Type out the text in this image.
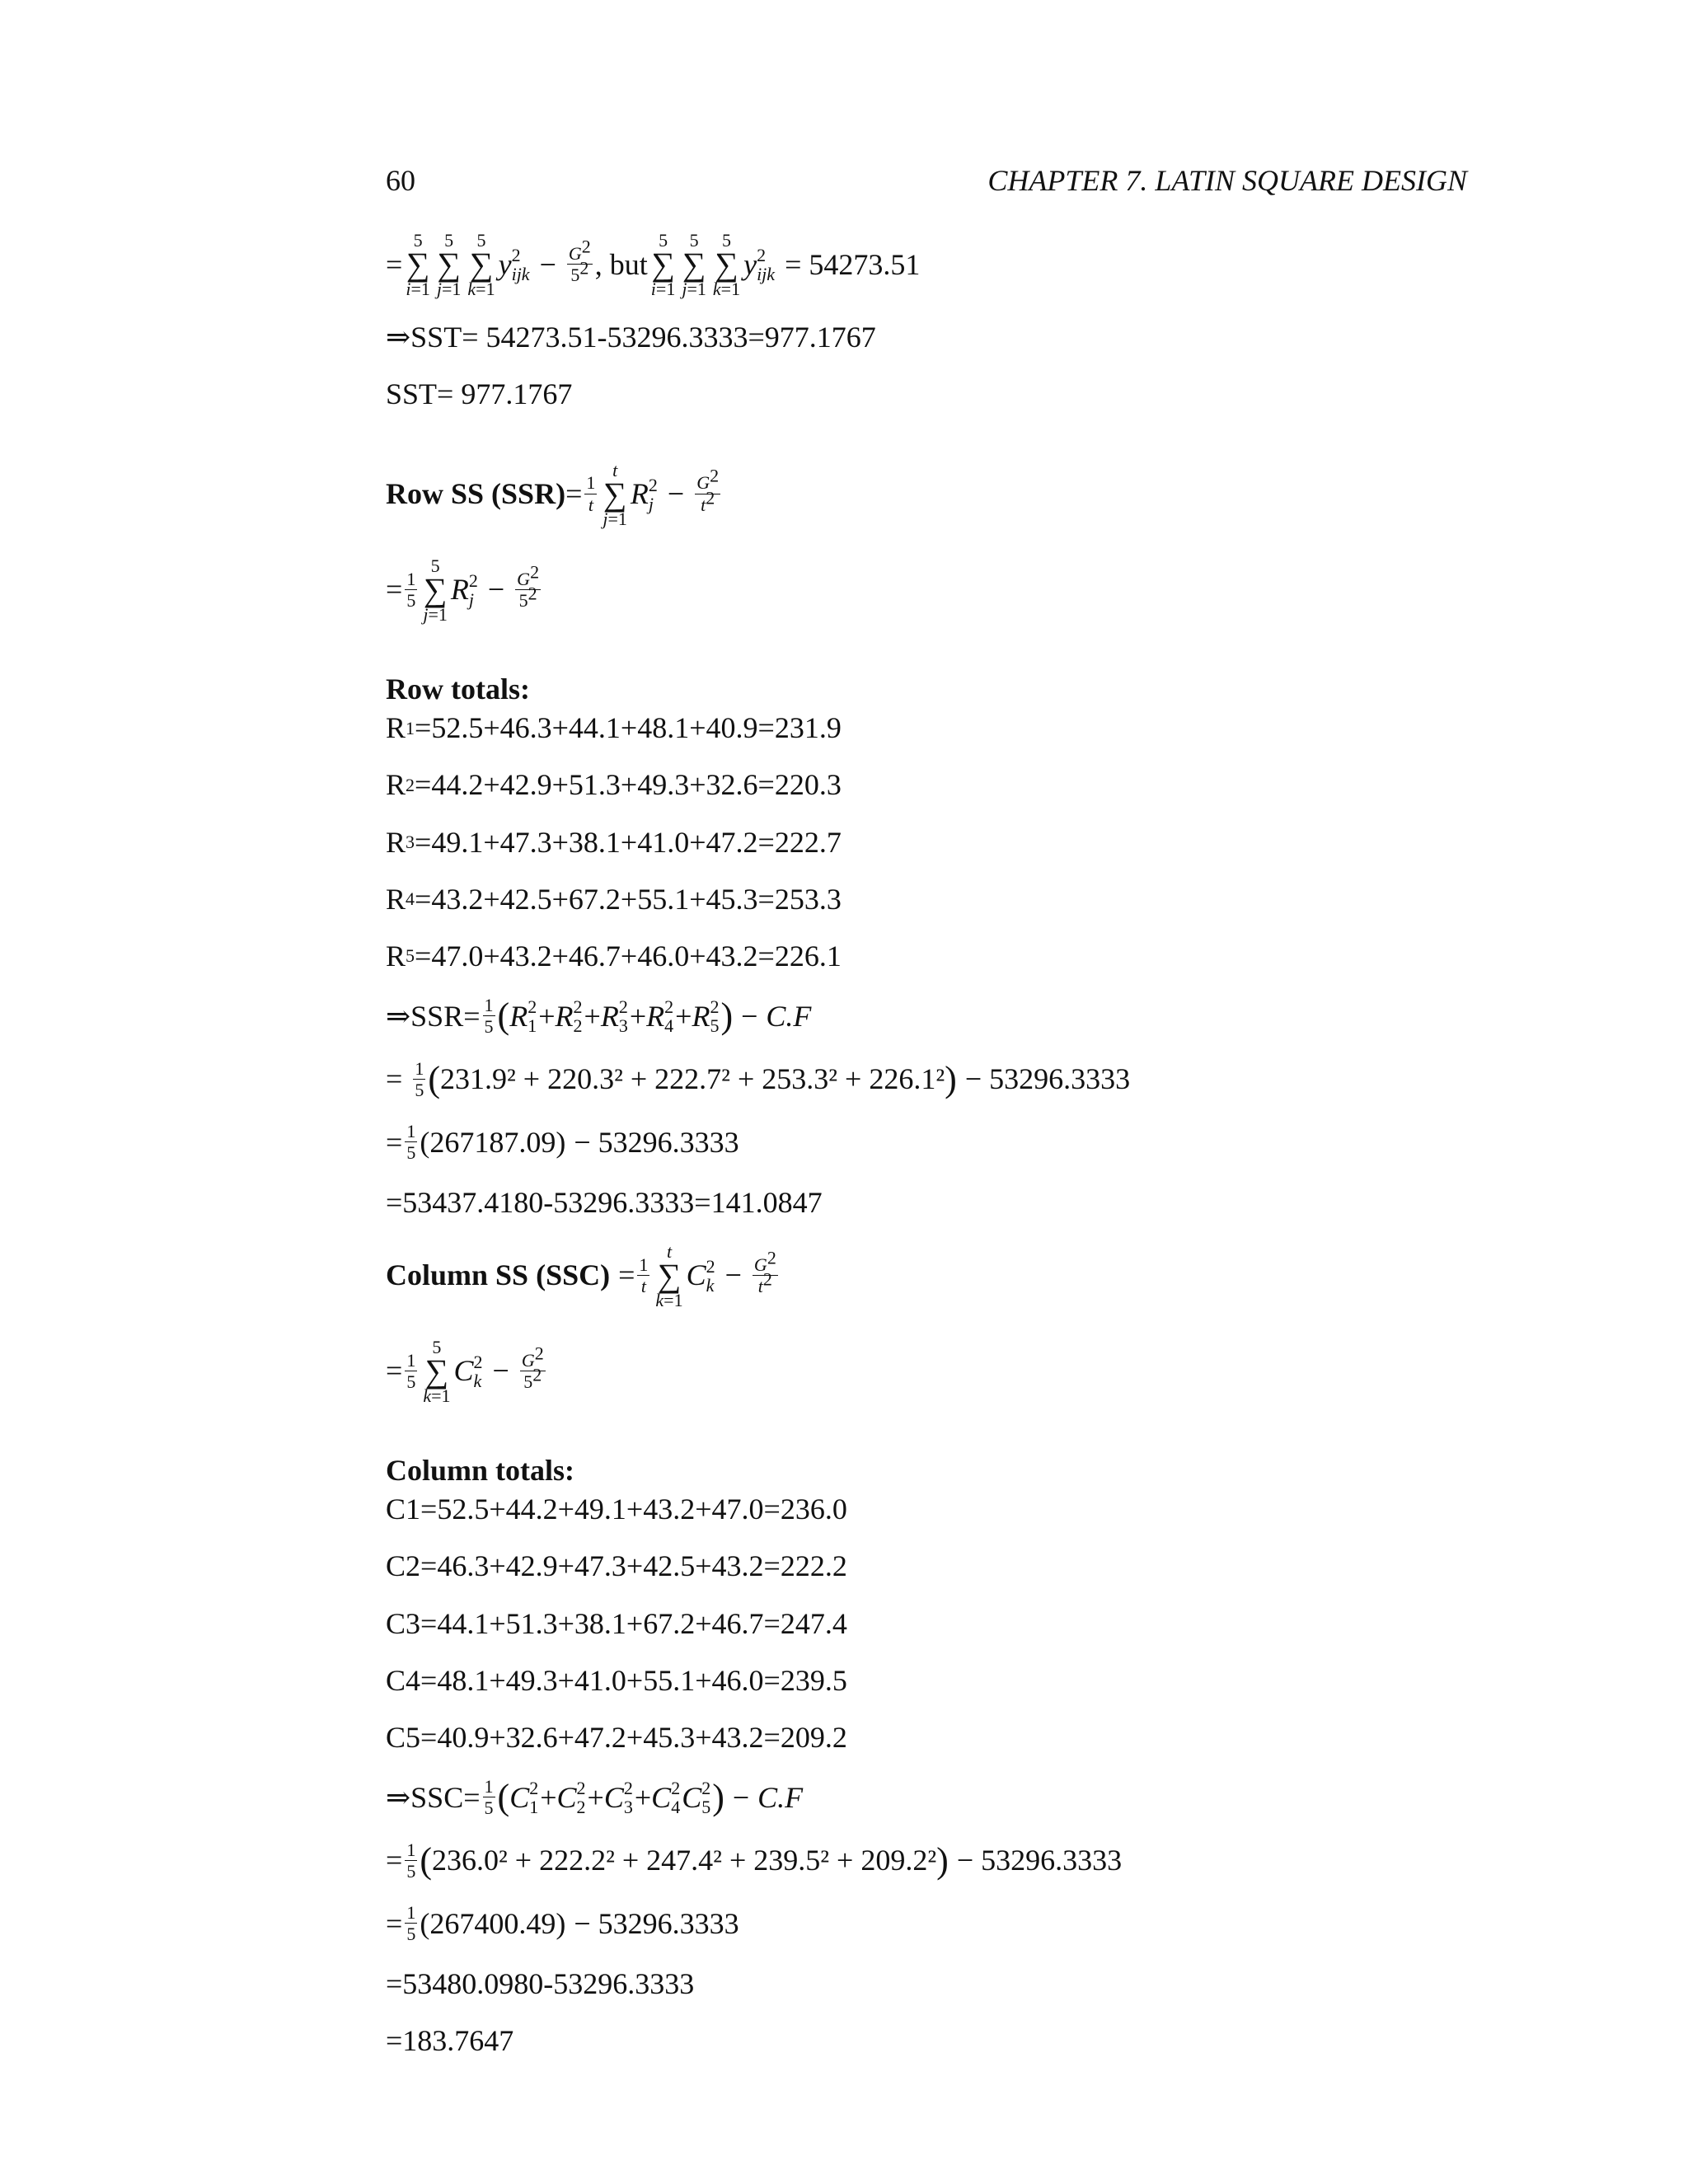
60	CHAPTER 7. LATIN SQUARE DESIGN
=
5
∑
i=1
5
∑
j=1
5
∑
k=1
y 2
ijk − $\frac{G^2}{5^2}$ , but
5
∑
i=1
5
∑
j=1
5
∑
k=1
y 2
ijk = 54273.51
⇒SST= 54273.51-53296.3333=977.1767
SST= 977.1767
Row SS $(SSR) = \frac{1}{t}$
t
∑
j=1
R 2
$j - \frac{G^2}{t^2}$
= $\frac{1}{5}$
5
∑
j=1
R 2
$j - \frac{G^2}{5^2}$
Row totals:
R 1 = 52.5+46.3+44.1+48.1+40.9=231.9
R 2 = 44.2+42.9+51.3+49.3+32.6=220.3
R 3 = 49.1+47.3+38.1+41.0+47.2=222.7
R 4 = 43.2+42.5+67.2+55.1+45.3=253.3
R 5 = 47.0+43.2+46.7+46.0+43.2=226.1
⇒SSR= $\frac{1}{5}$ ( R 2
1 + R 2
2 + R 2
3 + R 2
4 + R 2
5 ) − C.F
= $\frac{1}{5}$ ( 231.9² + 220.3² + 222.7² + 253.3² + 226.1² ) − 53296.3333
= $\frac{1}{5}$ ( 267187.09 ) − 53296.3333
=53437.4180-53296.3333=141.0847
Column SS $(SSC) = \frac{1}{t}$
t
∑
k=1
C 2
$k - \frac{G^2}{t^2}$
= $\frac{1}{5}$
5
∑
k=1
C 2
$k - \frac{G^2}{5^2}$
Column totals:
C1=52.5+44.2+49.1+43.2+47.0=236.0
C2=46.3+42.9+47.3+42.5+43.2=222.2
C3=44.1+51.3+38.1+67.2+46.7=247.4
C4=48.1+49.3+41.0+55.1+46.0=239.5
C5=40.9+32.6+47.2+45.3+43.2=209.2
⇒SSC= $\frac{1}{5}$ ( C 2
1 + C 2
2 + C 2
3 + C 2
4 C 2
5 ) − C.F
= $\frac{1}{5}$ ( 236.0² + 222.2² + 247.4² + 239.5² + 209.2² ) − 53296.3333
= $\frac{1}{5}$ ( 267400.49 ) − 53296.3333
=53480.0980-53296.3333
=183.7647
